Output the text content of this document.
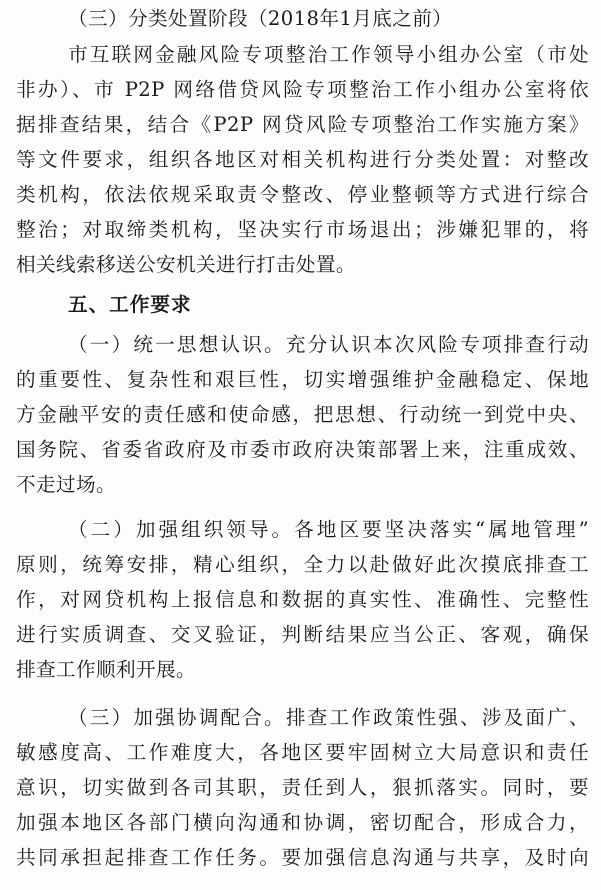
（三）分类处置阶段（2018年1月底之前）

市互联网金融风险专项整治工作领导小组办公室（市处

非办）、市 P2P 网络借贷风险专项整治工作小组办公室将依

据排查结果，结合《P2P 网贷风险专项整治工作实施方案》

等文件要求，组织各地区对相关机构进行分类处置：对整改

类机构，依法依规采取责令整改、停业整顿等方式进行综合

整治；对取缔类机构，坚决实行市场退出；涉嫌犯罪的，将

相关线索移送公安机关进行打击处置。

五、工作要求

（一）统一思想认识。充分认识本次风险专项排查行动

的重要性、复杂性和艰巨性，切实增强维护金融稳定、保地

方金融平安的责任感和使命感，把思想、行动统一到党中央、

国务院、省委省政府及市委市政府决策部署上来，注重成效、

不走过场。

（二）加强组织领导。各地区要坚决落实“属地管理”

原则，统筹安排，精心组织，全力以赴做好此次摸底排查工

作，对网贷机构上报信息和数据的真实性、准确性、完整性

进行实质调查、交叉验证，判断结果应当公正、客观，确保

排查工作顺利开展。

（三）加强协调配合。排查工作政策性强、涉及面广、

敏感度高、工作难度大，各地区要牢固树立大局意识和责任

意识，切实做到各司其职，责任到人，狠抓落实。同时，要

加强本地区各部门横向沟通和协调，密切配合，形成合力，

共同承担起排查工作任务。要加强信息沟通与共享，及时向
